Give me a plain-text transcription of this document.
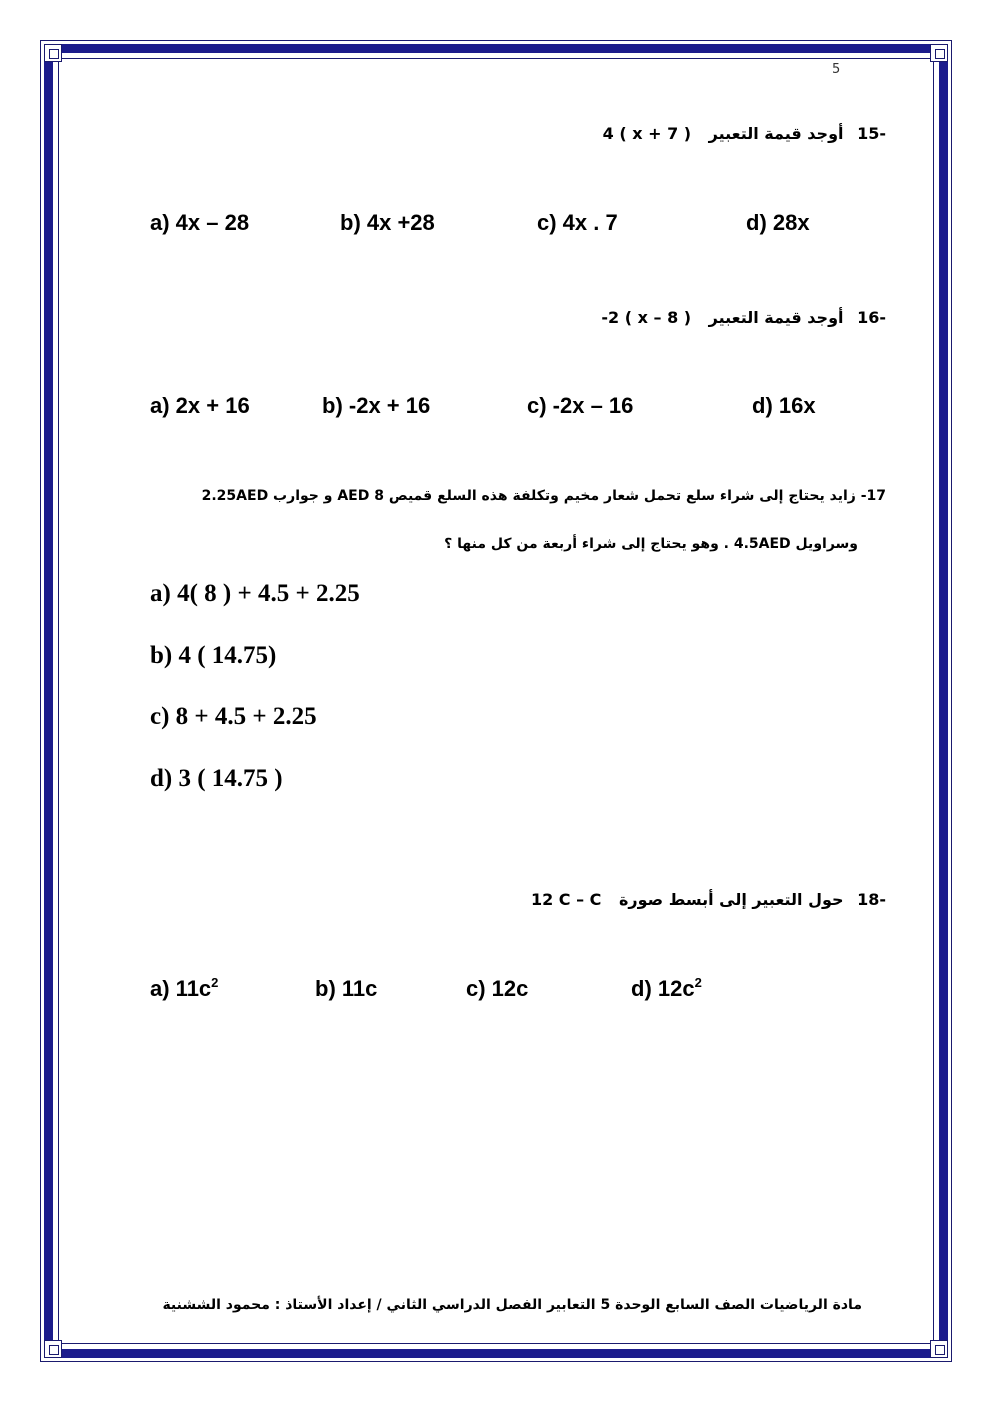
5
15- أوجد قيمة التعبير 4 ( x + 7 )
a) 4x – 28	b) 4x +28	c) 4x . 7	d) 28x
16- أوجد قيمة التعبير -2 ( x – 8 )
a) 2x + 16	b) -2x + 16	c) -2x – 16	d) 16x
17- زايد يحتاج إلى شراء سلع تحمل شعار مخيم وتكلفة هذه السلع قميص 8 AED و جوارب 2.25AED
وسراويل 4.5AED . وهو يحتاج إلى شراء أربعة من كل منها ؟
a) 4( 8 ) + 4.5 + 2.25
b) 4 ( 14.75)
c) 8 + 4.5 + 2.25
d) 3 ( 14.75 )
18- حول التعبير إلى أبسط صورة 12 C – C
a) $11c^2$	b) 11c	c) 12c	d) $12c^2$
مادة الرياضيات الصف السابع الوحدة 5 التعابير الفصل الدراسي الثاني / إعداد الأستاذ : محمود الششنية
